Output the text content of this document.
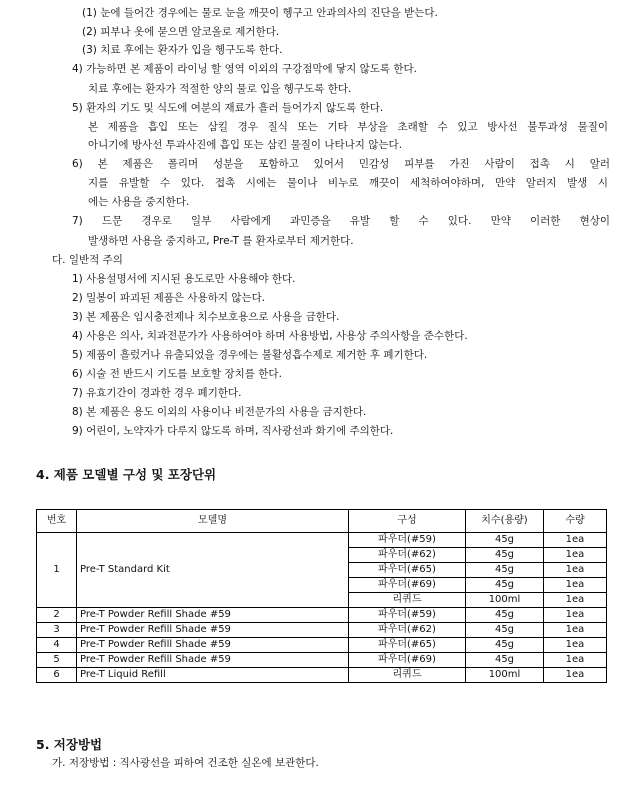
(1) 눈에 들어간 경우에는 물로 눈을 깨끗이 헹구고 안과의사의 진단을 받는다.
(2) 피부나 옷에 묻으면 알코올로 제거한다.
(3) 치료 후에는 환자가 입을 헹구도록 한다.
4) 가능하면 본 제품이 라이닝 할 영역 이외의 구강점막에 닿지 않도록 한다.
치료 후에는 환자가 적절한 양의 물로 입을 헹구도록 한다.
5) 환자의 기도 및 식도에 여분의 재료가 흘러 들어가지 않도록 한다.
본 제품을 흡입 또는 삼킬 경우 질식 또는 기타 부상을 초래할 수 있고 방사선 불투과성 물질이
아니기에 방사선 투과사진에 흡입 또는 삼킨 물질이 나타나지 않는다.
6) 본 제품은 폴리머 성분을 포함하고 있어서 민감성 피부를 가진 사람이 접촉 시 알러
지를 유발할 수 있다. 접촉 시에는 물이나 비누로 깨끗이 세척하여야하며, 만약 알러지 발생 시
에는 사용을 중지한다.
7) 드문 경우로 일부 사람에게 과민증을 유발 할 수 있다. 만약 이러한 현상이
발생하면 사용을 중지하고, Pre-T 를 환자로부터 제거한다.
다. 일반적 주의
1) 사용설명서에 지시된 용도로만 사용해야 한다.
2) 밀봉이 파괴된 제품은 사용하지 않는다.
3) 본 제품은 임시충전제나 치수보호용으로 사용을 금한다.
4) 사용은 의사, 치과전문가가 사용하여야 하며 사용방법, 사용상 주의사항을 준수한다.
5) 제품이 흘렀거나 유출되었을 경우에는 불활성흡수제로 제거한 후 폐기한다.
6) 시술 전 반드시 기도를 보호할 장치를 한다.
7) 유효기간이 경과한 경우 폐기한다.
8) 본 제품은 용도 이외의 사용이나 비전문가의 사용을 금지한다.
9) 어린이, 노약자가 다루지 않도록 하며, 직사광선과 화기에 주의한다.
4. 제품 모델별 구성 및 포장단위
번호	모델명	구성	치수(용량)	수량
1	Pre-T Standard Kit	파우더(#59)	45g	1ea
		파우더(#62)	45g	1ea
		파우더(#65)	45g	1ea
		파우더(#69)	45g	1ea
		리퀴드	100ml	1ea
2	Pre-T Powder Refill Shade #59	파우더(#59)	45g	1ea
3	Pre-T Powder Refill Shade #59	파우더(#62)	45g	1ea
4	Pre-T Powder Refill Shade #59	파우더(#65)	45g	1ea
5	Pre-T Powder Refill Shade #59	파우더(#69)	45g	1ea
6	Pre-T Liquid Refill	리퀴드	100ml	1ea
5. 저장방법
가. 저장방법 : 직사광선을 피하여 건조한 실온에 보관한다.
